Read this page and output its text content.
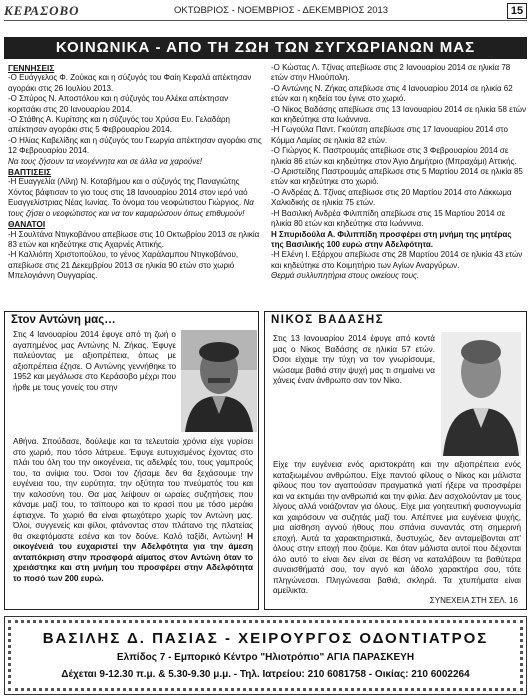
ΚΕΡΑΣΟΒΟ	ΟΚΤΩΒΡΙΟΣ - ΝΟΕΜΒΡΙΟΣ - ΔΕΚΕΜΒΡΙΟΣ 2013	15
ΚΟΙΝΩΝΙΚΑ - ΑΠΟ ΤΗ ΖΩΗ ΤΩΝ ΣΥΓΧΩΡΙΑΝΩΝ ΜΑΣ
ΓΕΝΝΗΣΕΙΣ
-Ο Ευάγγελος Φ. Ζούκας και η σύζυγός του Φαίη Κεφαλά απέκτησαν αγοράκι στις 26 Ιουλίου 2013.
-Ο Σπύρος Ν. Αποστόλου και η σύζυγός του Αλέκα απέκτησαν κοριτσάκι στις 20 Ιανουαρίου 2014.
-Ο Στάθης Α. Κυρίτσης και η σύζυγός του Χρύσα Ευ. Γελαδάρη απέκτησαν αγοράκι στις 5 Φεβρουαρίου 2014.
-Ο Ηλίας Καβελίδης και η σύζυγός του Γεωργία απέκτησαν αγοράκι στις 12 Φεβρουαρίου 2014.
Να τους ζήσουν τα νεογέννητα και σε άλλα να χαρούνε!
ΒΑΠΤΙΣΕΙΣ
-Η Ευαγγελία (Λίλη) Ν. Κοταβήμου και ο σύζυγός της Παναγιώτης Χόντος βάφτισαν το γιο τους στις 18 Ιανουαρίου 2014 στον ιερό ναό Ευαγγελίστριας Νέας Ιωνίας. Το όνομα του νεοφώτιστου Γιώργιος. Να τους ζήσει ο νεοφώτιστος και να τον καμαρώσουν όπως επιθυμούν!
ΘΑΝΑΤΟΙ
-Η Σουλτάνα Ντιγκοβάνου απεβίωσε στις 10 Οκτωβρίου 2013 σε ηλικία 83 ετών και κηδεύτηκε στις Αχαρνές Αττικής.
-Η Καλλιόπη Χριστοπούλου, το γένος Χαράλαμπου Ντιγκοβάνου, απεβίωσε στις 21 Δεκεμβρίου 2013 σε ηλικία 90 ετών στο χωριό Μπελογιάννη Ουγγαρίας.
-Ο Κώστας Λ. Τζίνας απεβίωσε στις 2 Ιανουαρίου 2014 σε ηλικία 78 ετών στην Ηλιούπολη.
-Ο Αντώνης Ν. Ζήκας απεβίωσε στις 4 Ιανουαρίου 2014 σε ηλικία 62 ετών και η κηδεία του έγινε στο χωριό.
-Ο Νίκος Βαδάσης απεβίωσε στις 13 Ιανουαρίου 2014 σε ηλικία 58 ετών και κηδεύτηκε στα Ιωάννινα.
-Η Γωγούλα Παντ. Γκούτση απεβίωσε στις 17 Ιανουαρίου 2014 στο Κόμμα Λαμίας σε ηλικία 82 ετών.
-Ο Γιώργος Κ. Παστρουμάς απεβίωσε στις 3 Φεβρουαρίου 2014 σε ηλικία 86 ετών και κηδεύτηκε στον Άγιο Δημήτριο (Μπραχάμι) Αττικής.
-Ο Αριστείδης Παστρουμάς απεβίωσε στις 5 Μαρτίου 2014 σε ηλικία 85 ετών και κηδεύτηκε στο χωριό.
-Ο Ανδρέας Δ. Τζίνας απεβίωσε στις 20 Μαρτίου 2014 στο Λάκκωμα Χαλκιδικής σε ηλικία 75 ετών.
-Η Βασιλική Ανδρέα Φιλιππίδη απεβίωσε στις 15 Μαρτίου 2014 σε ηλικία 80 ετών και κηδεύτηκε στα Ιωάννινα.
Η Σπυριδούλα Α. Φιλιππίδη προσφέρει στη μνήμη της μητέρας της Βασιλικής 100 ευρώ στην Αδελφότητα.
-Η Ελένη Ι. Εξάρχου απεβίωσε στις 28 Μαρτίου 2014 σε ηλικία 43 ετών και κηδεύτηκε στο Κοιμητήριο των Αγίων Αναργύρων.
Θερμά συλλυπητήρια στους οικείους τους.
Στον Αντώνη μας…
Στις 4 Ιανουαρίου 2014 έφυγε από τη ζωή ο αγαπημένος μας Αντώνης Ν. Ζήκας. Έφυγε παλεύοντας με αξιοπρέπεια, όπως με αξιοπρέπεια έζησε. Ο Αντώνης γεννήθηκε το 1952 και μεγάλωσε στο Κεράσοβο μέχρι που ήρθε με τους γονείς του στην
Αθήνα. Σπούδασε, δούλεψε και τα τελευταία χρόνια είχε γυρίσει στο χωριό, που τόσο λάτρευε. Έφυγε ευτυχισμένος έχοντας στο πλάι του όλη του την οικογένεια, τις αδελφές του, τους γαμπρούς του, τα ανίψια του. Όσοι τον ζήσαμε δεν θα ξεχάσουμε την ευγένεια του, την ευρύτητα, την οξύτητα του πνεύματός του και την καλοσύνη του. Θα μας λείψουν οι ωραίες συζητήσεις που κάναμε μαζί του, το τσίπουρο και το κρασί που με τόσο μεράκι έφτιαχνε. Το χωριό θα είναι φτωχότερο χωρίς τον Αντώνη μας. Όλοι, συγγενείς και φίλοι, φτάνοντας στον πλάτανο της πλατείας θα σκεφτόμαστε εσένα και τον δούνε. Καλό ταξίδι, Αντώνη! Η οικογένειά του ευχαριστεί την Αδελφότητα για την άμεση ανταπόκριση στην προσφορά αίματος στον Αντώνη όταν το χρειάστηκε και στη μνήμη του προσφέρει στην Αδελφότητα το ποσό των 200 ευρώ.
ΝΙΚΟΣ ΒΑΔΑΣΗΣ
Στις 13 Ιανουαρίου 2014 έφυγε από κοντά μας ο Νίκος Βαδάσης σε ηλικία 57 ετών. Όσοι είχαμε την τύχη να τον γνωρίσουμε, νιώσαμε βαθιά στην ψυχή μας τι σημαίνει να χάνεις έναν άνθρωπο σαν τον Νίκο.
Είχε την ευγένεια ενός αριστοκράτη και την αξιοπρέπεια ενός καταξιωμένου ανθρώπου. Είχε παντού φίλους ο Νίκος και μάλιστα φίλους που τον αγαπούσαν πραγματικά γιατί ήξερε να προσφέρει και να εκτιμάει την ανθρωπιά και την φιλία. Δεν ασχολούνταν με τους λίγους αλλά νοιάζονταν για όλους. Είχε μια γοητευτική φυσιογνωμία και χαιρόσουν να συζητάς μαζί του. Απέπνεε μια ευγένεια ψυχής, μια αίσθηση αγνού ήθους που σπάνια συναντάς στη σημερινή εποχή. Αυτά τα χαρακτηριστικά, δυστυχώς, δεν ανταμείβονται απ' όλους στην εποχή που ζούμε. Και όταν μάλιστα αυτοί που δέχονται όλο αυτό το είναι δεν είναι σε θέση να καταλάβουν τα βαθύτερα συναισθήματά σου, τον αγνό και άδολο χαρακτήρα σου, τότε πληγώνεσαι. Πληγώνεσαι βαθιά, σκληρά. Τα χτυπήματα είναι αμείλικτα.
ΣΥΝΕΧΕΙΑ ΣΤΗ ΣΕΛ. 16
ΒΑΣΙΛΗΣ Δ. ΠΑΣΙΑΣ - ΧΕΙΡΟΥΡΓΟΣ ΟΔΟΝΤΙΑΤΡΟΣ
Ελπίδος 7 - Εμπορικό Κέντρο "Ηλιοτρόπιο" ΑΓΙΑ ΠΑΡΑΣΚΕΥΗ
Δέχεται 9-12.30 π.μ. & 5.30-9.30 μ.μ. - Τηλ. Ιατρείου: 210 6081758 - Οικίας: 210 6002264
